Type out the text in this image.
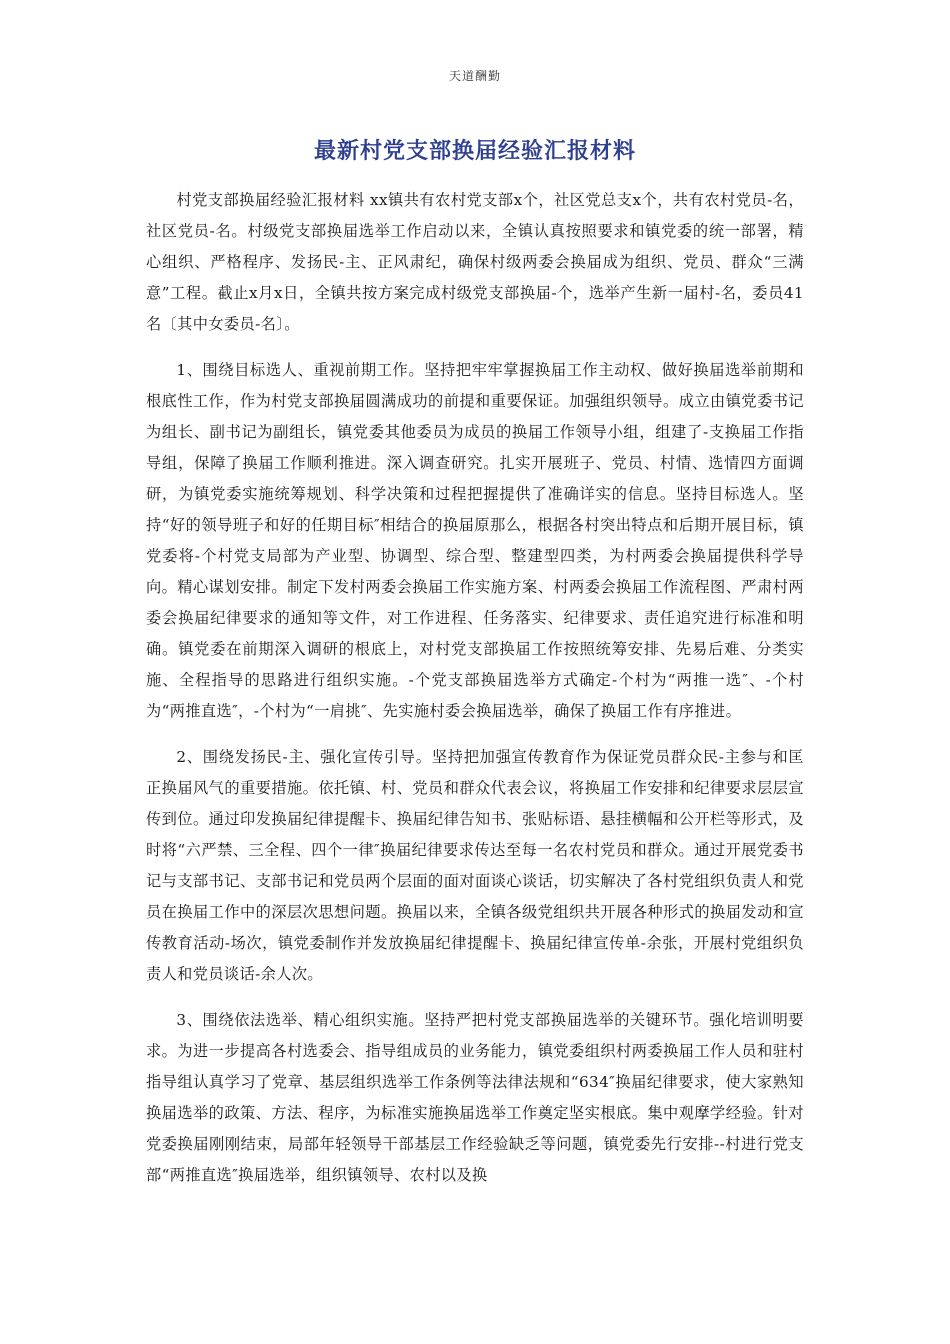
天道酬勤
最新村党支部换届经验汇报材料

村党支部换届经验汇报材料 xx镇共有农村党支部x个，社区党总支x个，共有农村党员-名，社区党员-名。村级党支部换届选举工作启动以来，全镇认真按照要求和镇党委的统一部署，精心组织、严格程序、发扬民-主、正风肃纪，确保村级两委会换届成为组织、党员、群众“三满意”工程。截止x月x日，全镇共按方案完成村级党支部换届-个，选举产生新一届村-名，委员41名〔其中女委员-名〕。

1、围绕目标选人、重视前期工作。坚持把牢牢掌握换届工作主动权、做好换届选举前期和根底性工作，作为村党支部换届圆满成功的前提和重要保证。加强组织领导。成立由镇党委书记为组长、副书记为副组长，镇党委其他委员为成员的换届工作领导小组，组建了-支换届工作指导组，保障了换届工作顺利推进。深入调查研究。扎实开展班子、党员、村情、选情四方面调研，为镇党委实施统筹规划、科学决策和过程把握提供了准确详实的信息。坚持目标选人。坚持“好的领导班子和好的任期目标″相结合的换届原那么，根据各村突出特点和后期开展目标，镇党委将-个村党支局部为产业型、协调型、综合型、整建型四类，为村两委会换届提供科学导向。精心谋划安排。制定下发村两委会换届工作实施方案、村两委会换届工作流程图、严肃村两委会换届纪律要求的通知等文件，对工作进程、任务落实、纪律要求、责任追究进行标准和明确。镇党委在前期深入调研的根底上，对村党支部换届工作按照统筹安排、先易后难、分类实施、全程指导的思路进行组织实施。-个党支部换届选举方式确定-个村为“两推一选″、-个村为“两推直选″，-个村为“一肩挑″、先实施村委会换届选举，确保了换届工作有序推进。

2、围绕发扬民-主、强化宣传引导。坚持把加强宣传教育作为保证党员群众民-主参与和匡正换届风气的重要措施。依托镇、村、党员和群众代表会议，将换届工作安排和纪律要求层层宣传到位。通过印发换届纪律提醒卡、换届纪律告知书、张贴标语、悬挂横幅和公开栏等形式，及时将“六严禁、三全程、四个一律″换届纪律要求传达至每一名农村党员和群众。通过开展党委书记与支部书记、支部书记和党员两个层面的面对面谈心谈话，切实解决了各村党组织负责人和党员在换届工作中的深层次思想问题。换届以来，全镇各级党组织共开展各种形式的换届发动和宣传教育活动-场次，镇党委制作并发放换届纪律提醒卡、换届纪律宣传单-余张，开展村党组织负责人和党员谈话-余人次。

3、围绕依法选举、精心组织实施。坚持严把村党支部换届选举的关键环节。强化培训明要求。为进一步提高各村选委会、指导组成员的业务能力，镇党委组织村两委换届工作人员和驻村指导组认真学习了党章、基层组织选举工作条例等法律法规和“634″换届纪律要求，使大家熟知换届选举的政策、方法、程序，为标准实施换届选举工作奠定坚实根底。集中观摩学经验。针对党委换届刚刚结束，局部年轻领导干部基层工作经验缺乏等问题，镇党委先行安排--村进行党支部“两推直选″换届选举，组织镇领导、农村以及换
